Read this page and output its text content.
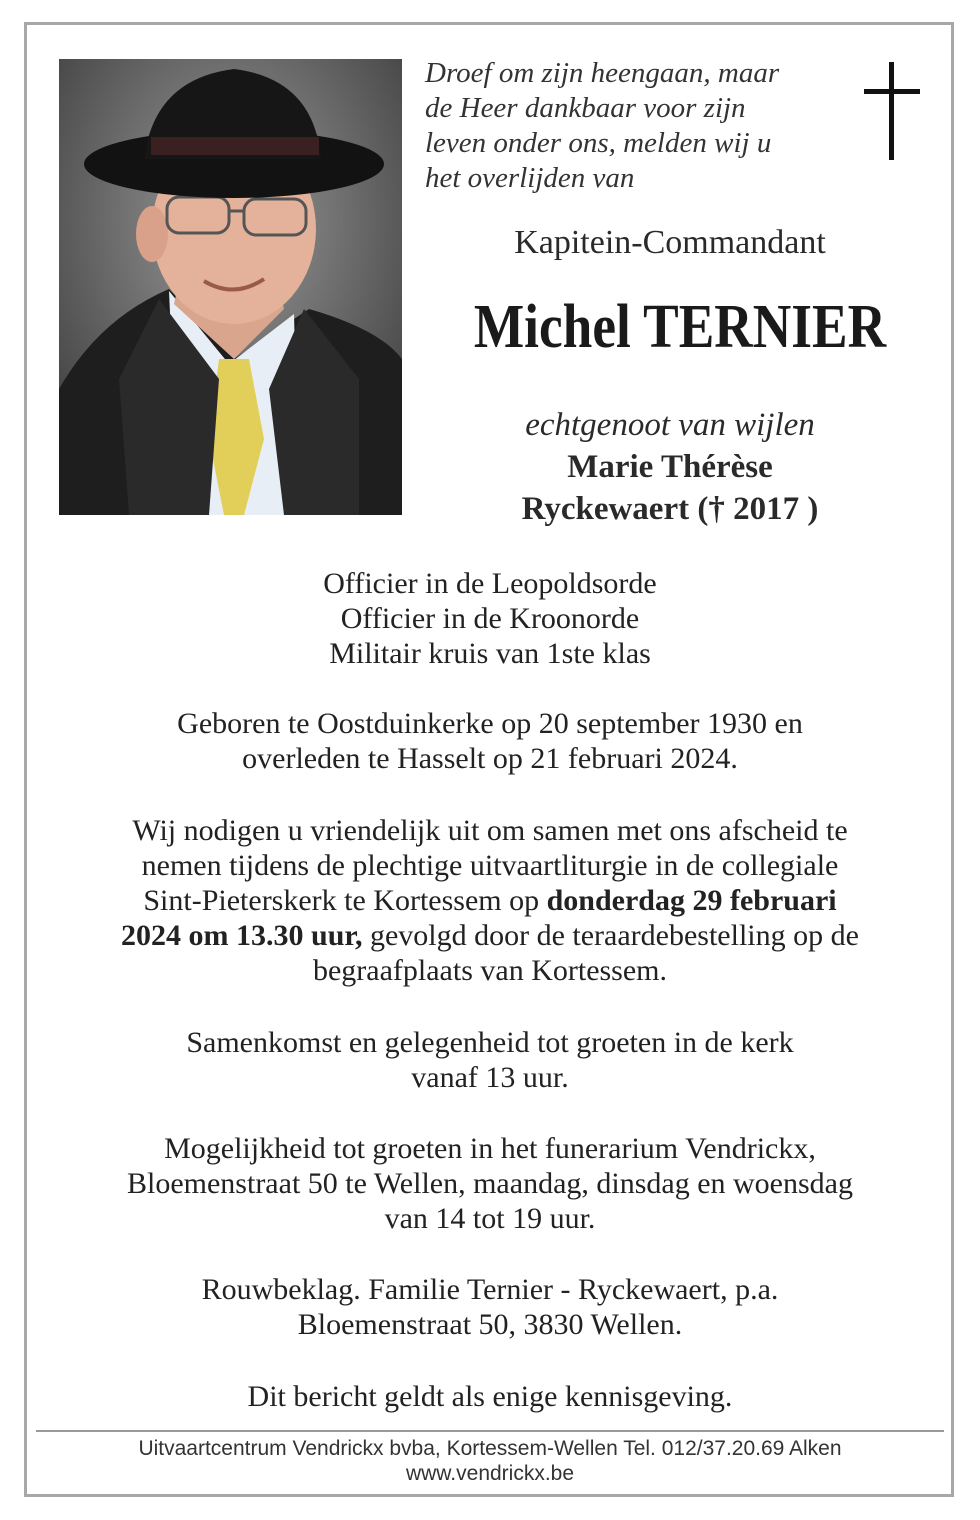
Droef om zijn heengaan, maar
de Heer dankbaar voor zijn
leven onder ons, melden wij u
het overlijden van
Kapitein-Commandant
Michel TERNIER
echtgenoot van wijlen
Marie Thérèse
Ryckewaert († 2017 )
Officier in de Leopoldsorde
Officier in de Kroonorde
Militair kruis van 1ste klas
Geboren te Oostduinkerke op 20 september 1930 en
overleden te Hasselt op 21 februari 2024.
Wij nodigen u vriendelijk uit om samen met ons afscheid te
nemen tijdens de plechtige uitvaartliturgie in de collegiale
Sint-Pieterskerk te Kortessem op donderdag 29 februari
2024 om 13.30 uur, gevolgd door de teraardebestelling op de
begraafplaats van Kortessem.
Samenkomst en gelegenheid tot groeten in de kerk
vanaf 13 uur.
Mogelijkheid tot groeten in het funerarium Vendrickx,
Bloemenstraat 50 te Wellen, maandag, dinsdag en woensdag
van 14 tot 19 uur.
Rouwbeklag. Familie Ternier - Ryckewaert, p.a.
Bloemenstraat 50, 3830 Wellen.
Dit bericht geldt als enige kennisgeving.
Uitvaartcentrum Vendrickx bvba, Kortessem-Wellen Tel. 012/37.20.69 Alken
www.vendrickx.be
